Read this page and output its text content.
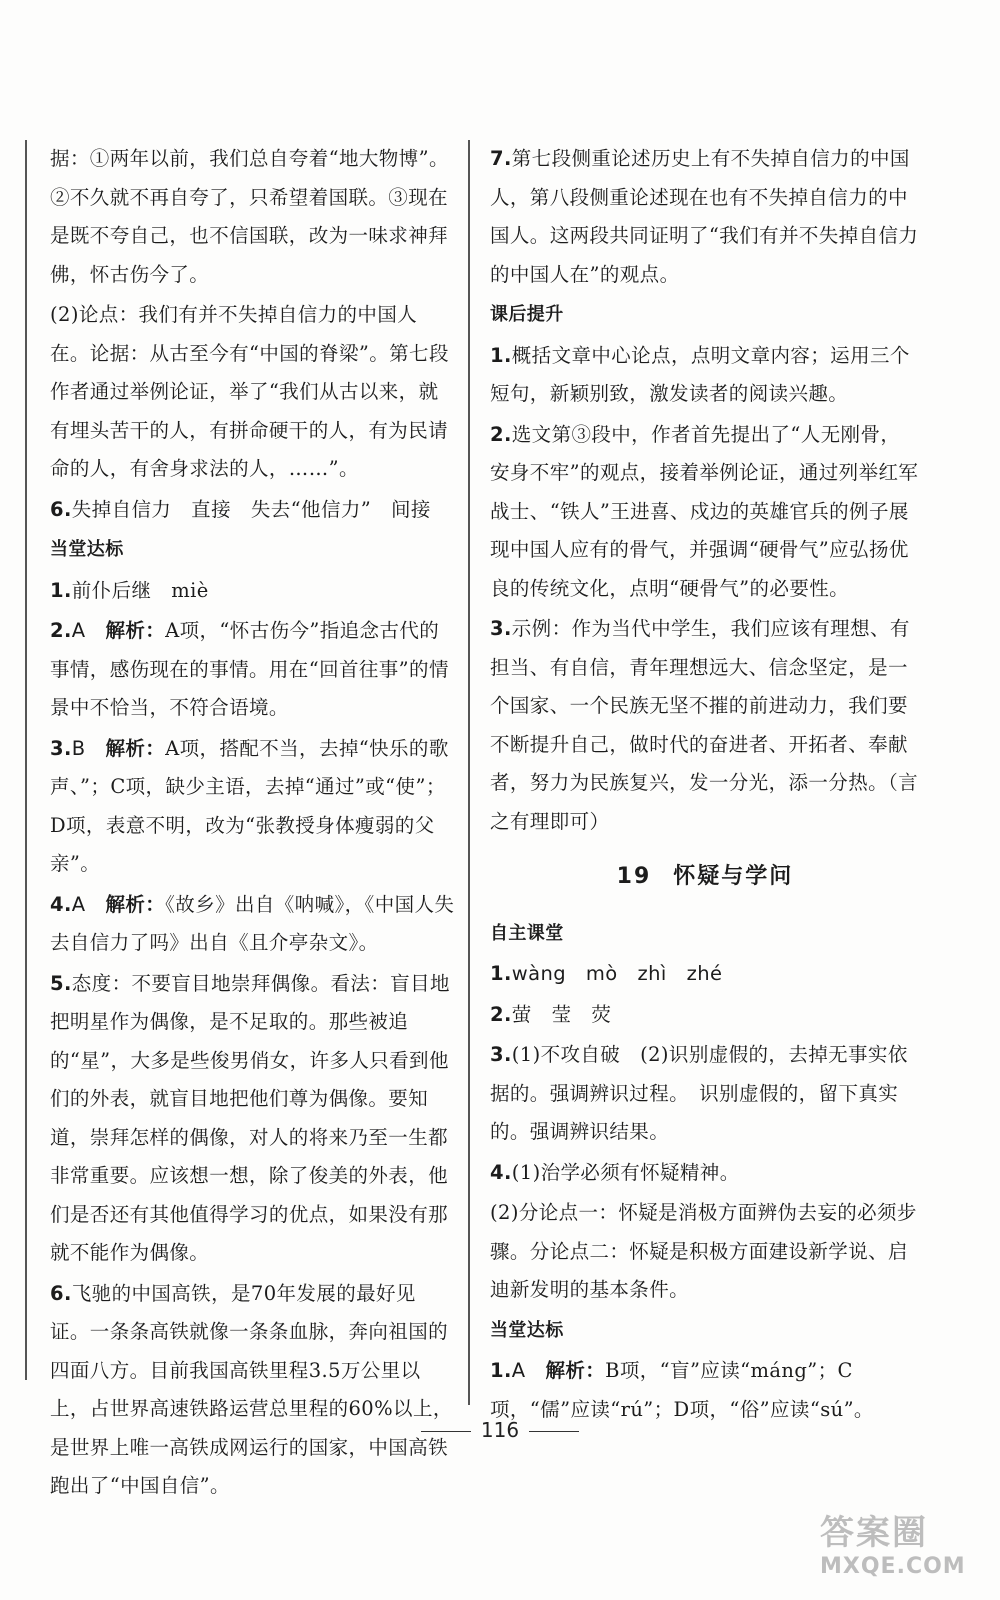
据：①两年以前，我们总自夸着“地大物博”。②不久就不再自夸了，只希望着国联。③现在是既不夸自己，也不信国联，改为一味求神拜佛，怀古伤今了。
(2)论点：我们有并不失掉自信力的中国人在。论据：从古至今有“中国的脊梁”。第七段作者通过举例论证，举了“我们从古以来，就有埋头苦干的人，有拼命硬干的人，有为民请命的人，有舍身求法的人，……”。
6.失掉自信力　直接　失去“他信力”　间接
当堂达标
1.前仆后继　miè
2.A　 解析：A项，“怀古伤今”指追念古代的事情，感伤现在的事情。用在“回首往事”的情景中不恰当，不符合语境。
3.B　 解析：A项，搭配不当，去掉“快乐的歌声、”；C项，缺少主语，去掉“通过”或“使”；D项，表意不明，改为“张教授身体瘦弱的父亲”。
4.A　 解析：《故乡》出自《呐喊》，《中国人失去自信力了吗》出自《且介亭杂文》。
5.态度：不要盲目地崇拜偶像。看法：盲目地把明星作为偶像，是不足取的。那些被追的“星”，大多是些俊男俏女，许多人只看到他们的外表，就盲目地把他们尊为偶像。要知道，崇拜怎样的偶像，对人的将来乃至一生都非常重要。应该想一想，除了俊美的外表，他们是否还有其他值得学习的优点，如果没有那就不能作为偶像。
6.飞驰的中国高铁，是70年发展的最好见证。一条条高铁就像一条条血脉，奔向祖国的四面八方。目前我国高铁里程3.5万公里以上，占世界高速铁路运营总里程的60%以上，是世界上唯一高铁成网运行的国家，中国高铁跑出了“中国自信”。
7.第七段侧重论述历史上有不失掉自信力的中国人，第八段侧重论述现在也有不失掉自信力的中国人。这两段共同证明了“我们有并不失掉自信力的中国人在”的观点。
课后提升
1.概括文章中心论点，点明文章内容；运用三个短句，新颖别致，激发读者的阅读兴趣。
2.选文第③段中，作者首先提出了“人无刚骨，安身不牢”的观点，接着举例论证，通过列举红军战士、“铁人”王进喜、戍边的英雄官兵的例子展现中国人应有的骨气，并强调“硬骨气”应弘扬优良的传统文化，点明“硬骨气”的必要性。
3.示例：作为当代中学生，我们应该有理想、有担当、有自信，青年理想远大、信念坚定，是一个国家、一个民族无坚不摧的前进动力，我们要不断提升自己，做时代的奋进者、开拓者、奉献者，努力为民族复兴，发一分光，添一分热。（言之有理即可）
19 怀疑与学问
自主课堂
1.wàng　mò　zhì　zhé
2.萤　莹　荧
3.(1)不攻自破　(2)识别虚假的，去掉无事实依据的。强调辨识过程。　识别虚假的，留下真实的。强调辨识结果。
4.(1)治学必须有怀疑精神。
(2)分论点一：怀疑是消极方面辨伪去妄的必须步骤。分论点二：怀疑是积极方面建设新学说、启迪新发明的基本条件。
当堂达标
1.A　 解析：B项，“盲”应读“máng”；C项，“儒”应读“rú”；D项，“俗”应读“sú”。
116
答案圈
MXQE.COM
